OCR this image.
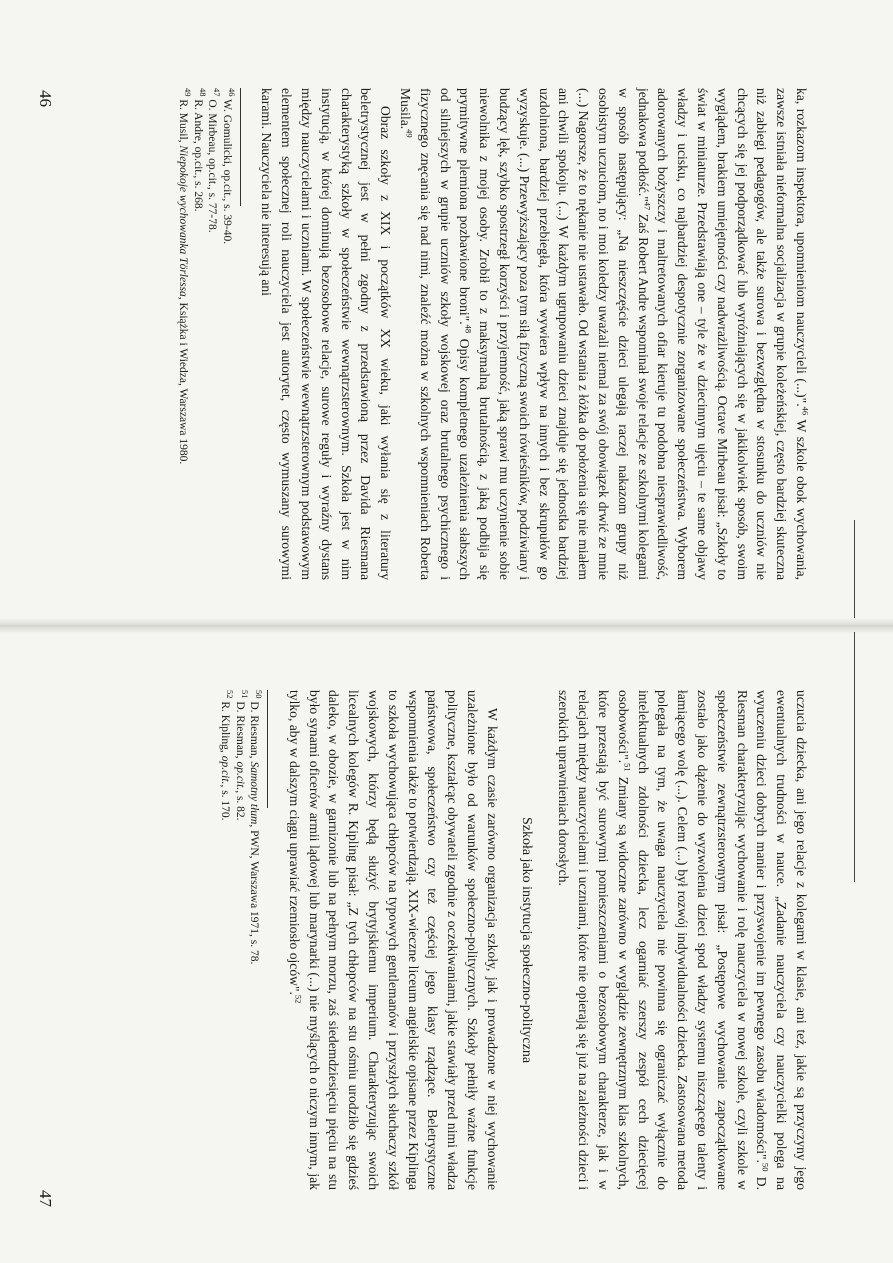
ka, rozkazom inspektora, upomnieniom nauczycieli (...)".$^{46}$ W szkole obok wychowania, zawsze istniała nieformalna socjalizacja w grupie koleżeńskiej, często bardziej skuteczna niż zabiegi pedagogów, ale także surowa i bezwzględna w stosunku do uczniów nie chcących się jej podporządkować lub wyróżniających się w jakikolwiek sposób, swoim wyglądem, brakiem umiejętności czy nadwrażliwością. Octave Mirbeau pisał: „Szkoły to świat w miniaturze. Przedstawiają one – tyle że w dziecinnym ujęciu – te same objawy władzy i ucisku, co najbardziej despotycznie zorganizowane społeczeństwa. Wyborem adorowanych bożyszczy i maltretowanych ofiar kieruje tu podobna niesprawiedliwość, jednakowa podłość."$^{47}$ Zaś Robert Andre wspominał swoje relacje ze szkolnymi kolegami w sposób następujący: „Na nieszczęście dzieci ulegają raczej nakazom grupy niż osobistym uczuciom, no i moi koledzy uważali niemal za swój obowiązek drwić ze mnie (...) Nagorsze, że to nękanie nie ustawało. Od wstania z łóżka do położenia się nie miałem ani chwili spokoju. (...) W każdym ugrupowaniu dzieci znajduje się jednostka bardziej uzdolniona, bardziej przebiegła, która wywiera wpływ na innych i bez skrupułów go wyzyskuje. (...) Przewyższający poza tym siłą fizyczną swoich rówieśników, podziwiany i budzący lęk, szybko spostrzegł korzyści i przyjemność, jaką sprawi mu uczynienie sobie niewolnika z mojej osoby. Zrobił to z maksymalną brutalnością, z jaką podbija się prymitywne plemiona pozbawione broni".$^{48}$ Opisy kompletnego uzależnienia słabszych od silniejszych w grupie uczniów szkoły wojskowej oraz brutalnego psychicznego i fizycznego znęcania się nad nimi, znaleźć można w szkolnych wspomnieniach Roberta Musila.$^{49}$

Obraz szkoły z XIX i początków XX wieku, jaki wyłania się z literatury beletrystycznej jest w pełni zgodny z przedstawioną przez Davida Riesmana charakterystyką szkoły w społeczeństwie wewnątrzsterownym. Szkoła jest w nim instytucją, w której dominują bezosobowe relacje, surowe reguły i wyraźny dystans między nauczycielami i uczniami. W społeczeństwie wewnątrzsterownym podstawowym elementem społecznej roli nauczyciela jest autorytet, często wymuszany surowymi karami. Nauczyciela nie interesują ani

$^{46}$ W. Gomulicki, op.cit., s. 39-40.
$^{47}$ O. Mirbeau, op.cit., s. 77-78.
$^{48}$ R. Andre, op.cit., s. 268.
$^{49}$ R. Musil, Niepokoje wychowanka Törlessa, Książka i Wiedza, Warszawa 1980.
46

uczucia dziecka, ani jego relacje z kolegami w klasie, ani też, jakie są przyczyny jego ewentualnych trudności w nauce. „Zadanie nauczyciela czy nauczycielki polega na wyuczeniu dzieci dobrych manier i przyswojenie im pewnego zasobu wiadomości".$^{50}$ D. Riesman charakteryzując wychowanie i rolę nauczyciela w nowej szkole, czyli szkole w społeczeństwie zewnątrzsterownym pisał: „Postępowe wychowanie zapoczątkowane zostało jako dążenie do wyzwolenia dzieci spod władzy systemu niszczącego talenty i łamiącego wolę (...). Celem (...) był rozwój indywidualności dziecka. Zastosowana metoda polegała na tym, że uwaga nauczyciela nie powinna się ograniczać wyłącznie do intelektualnych zdolności dziecka, lecz ogarniać szerszy zespół cech dziecięcej osobowości".$^{51}$ Zmiany są widoczne zarówno w wyglądzie zewnętrznym klas szkolnych, które przestają być surowymi pomieszczeniami o bezosobowym charakterze, jak i w relacjach między nauczycielami i uczniami, które nie opierają się już na zależności dzieci i szerokich uprawnieniach dorosłych.

Szkoła jako instytucja społeczno-polityczna

W każdym czasie zarówno organizacja szkoły, jak i prowadzone w niej wychowanie uzależnione było od warunków społeczno-politycznych. Szkoły pełniły ważne funkcje polityczne, kształcąc obywateli zgodnie z oczekiwaniami, jakie stawiały przed nimi władza państwowa, społeczeństwo czy też częściej jego klasy rządzące. Beletrystyczne wspomnienia także to potwierdzają. XIX-wieczne liceum angielskie opisane przez Kiplinga to szkoła wychowująca chłopców na typowych gentlemanów i przyszłych słuchaczy szkół wojskowych, którzy będą służyć brytyjskiemu imperium. Charakteryzując swoich licealnych kolegów R. Kipling pisał: „Z tych chłopców na stu ośmiu urodziło się gdzieś daleko, w obozie, w garnizonie lub na pełnym morzu, zaś siedemdziesięciu pięciu na stu było synami oficerów armii lądowej lub marynarki (...) nie myślących o niczym innym, jak tylko, aby w dalszym ciągu uprawiać rzemiosło ojców".$^{52}$

$^{50}$ D. Riesman, Samotny tłum, PWN, Warszawa 1971, s. 78.
$^{51}$ D. Riesman, op.cit., s. 82.
$^{52}$ R. Kipling, op.cit., s. 170.
47
